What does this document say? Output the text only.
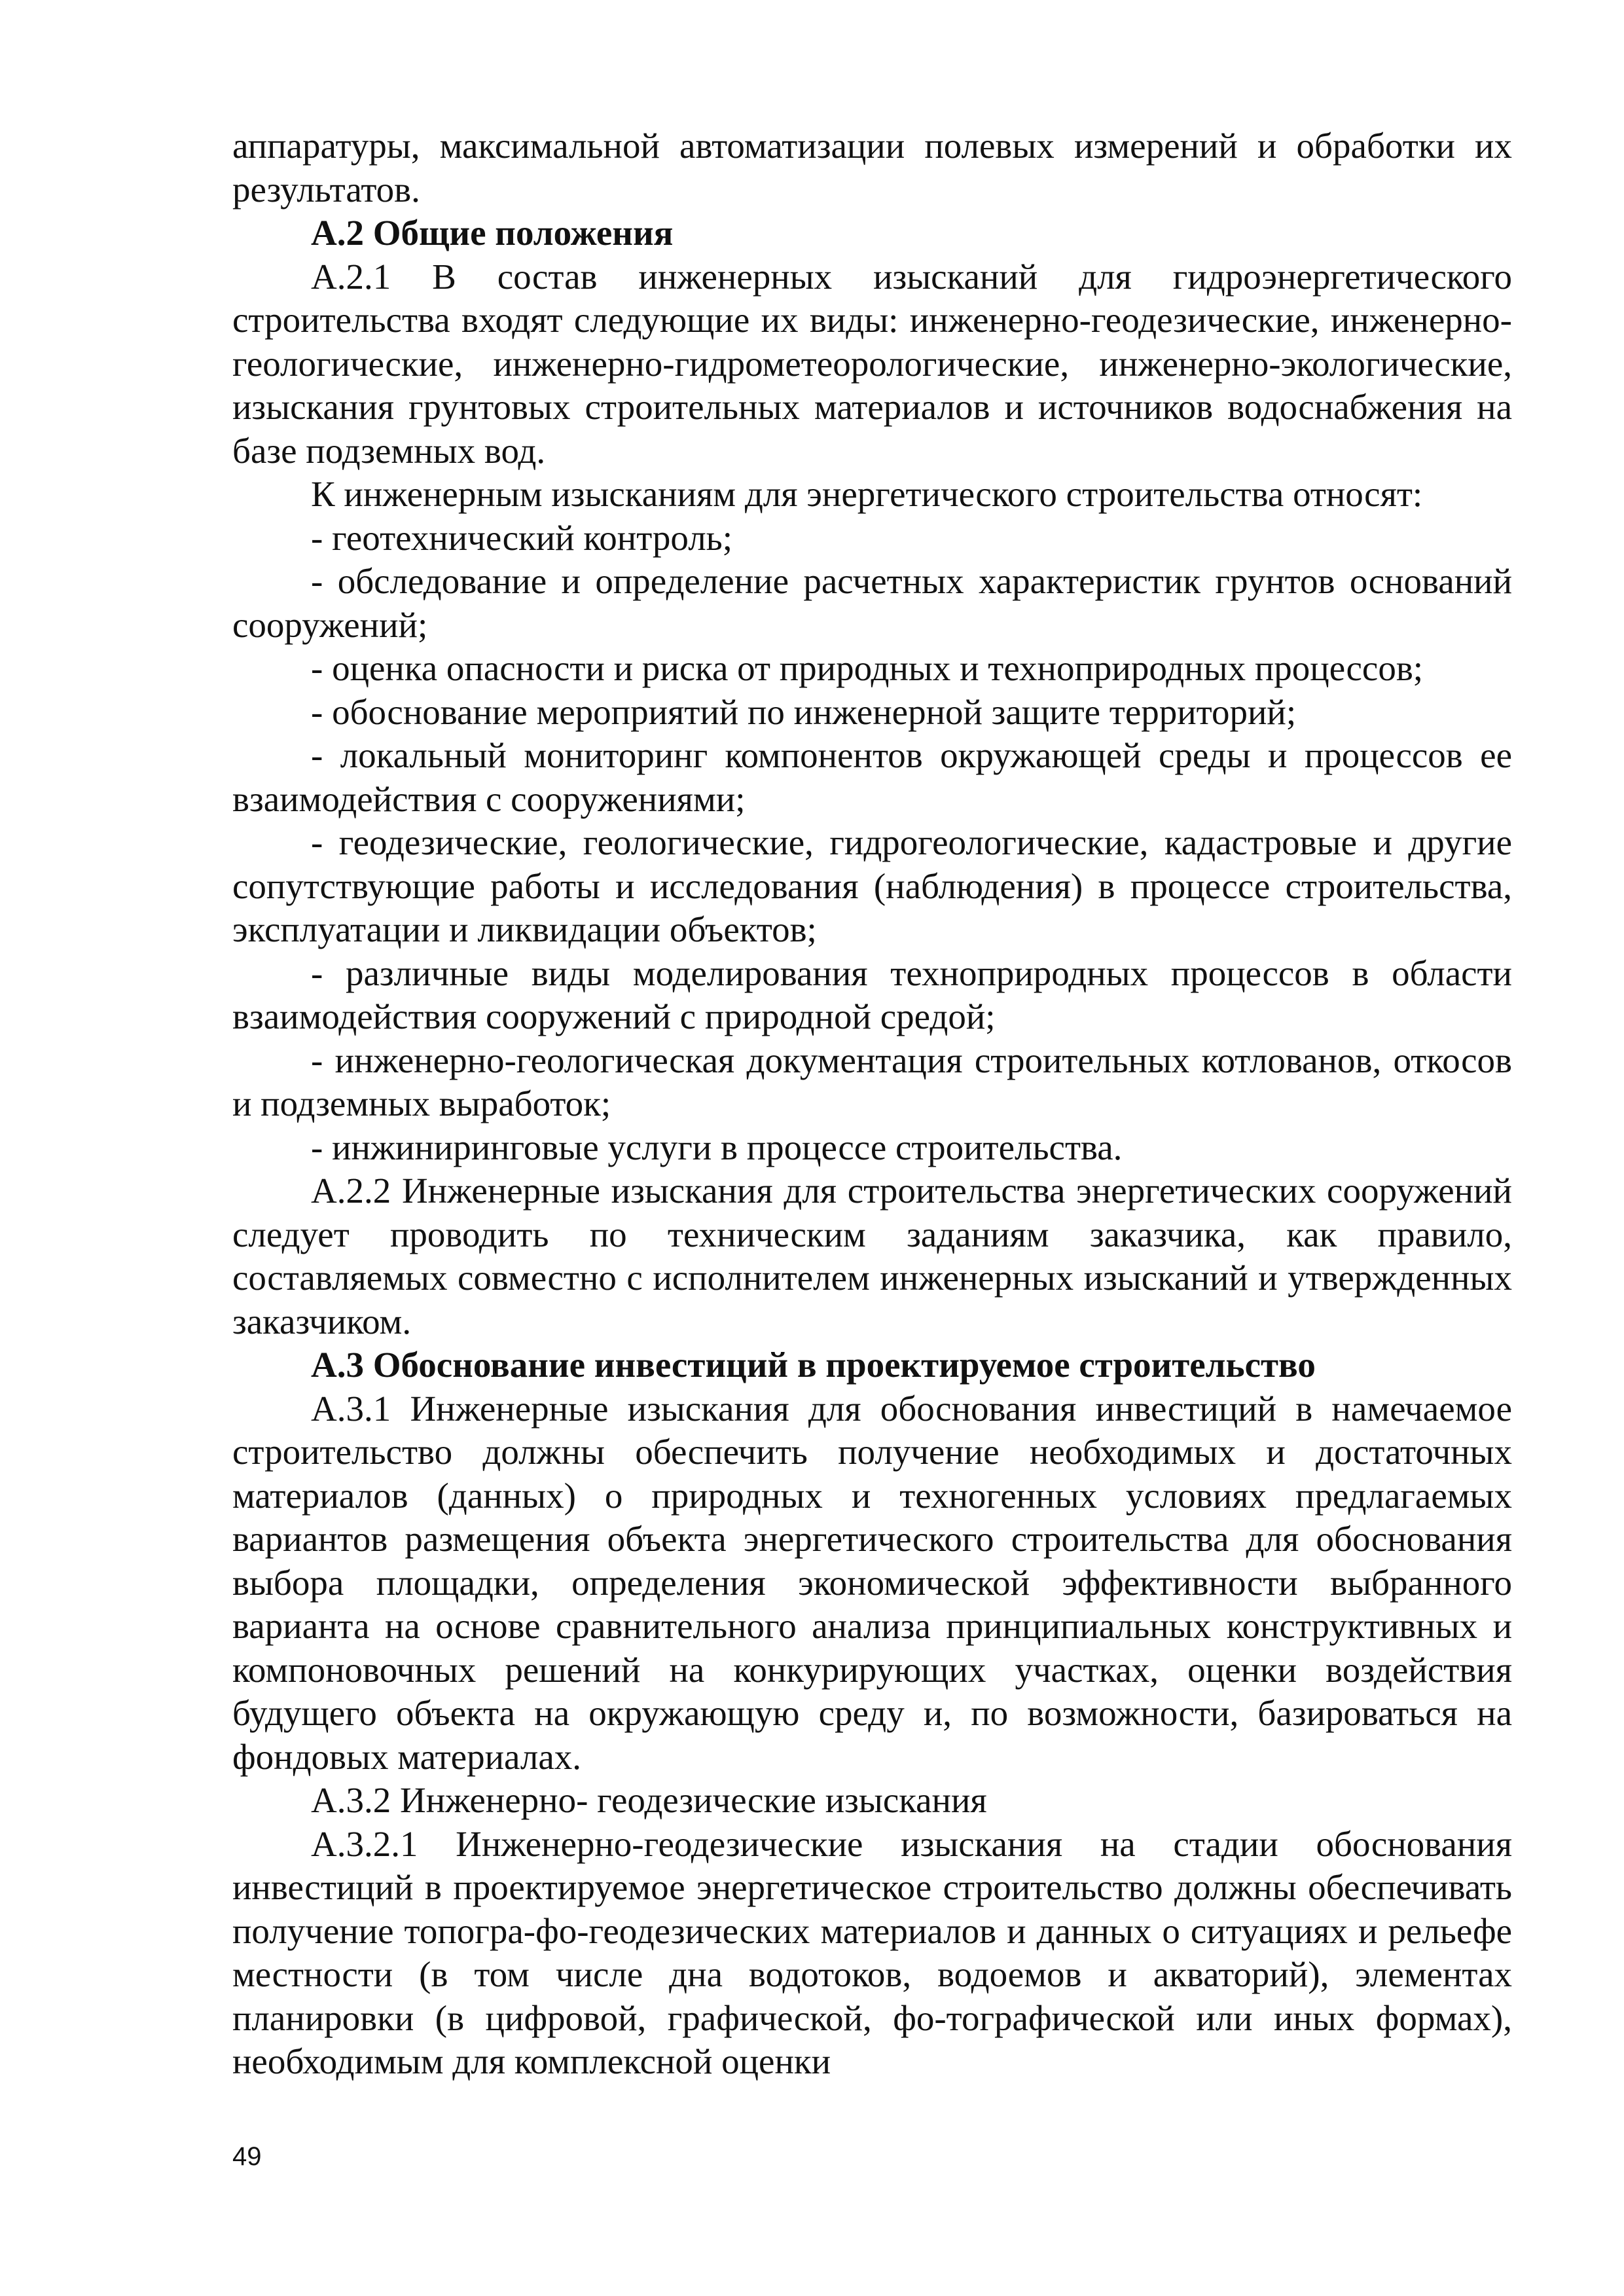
аппаратуры, максимальной автоматизации полевых измерений и обработки их результатов.

А.2 Общие положения

А.2.1 В состав инженерных изысканий для гидроэнергетического строительства входят следующие их виды: инженерно-геодезические, инженерно-геологические, инженерно-гидрометеорологические, инженерно-экологические, изыскания грунтовых строительных материалов и источников водоснабжения на базе подземных вод.

К инженерным изысканиям для энергетического строительства относят:

- геотехнический контроль;

- обследование и определение расчетных характеристик грунтов оснований сооружений;

- оценка опасности и риска от природных и технoприродных процессов;

- обоснование мероприятий по инженерной защите территорий;

- локальный мониторинг компонентов окружающей среды и процессов ее взаимодействия с сооружениями;

- геодезические, геологические, гидрогеологические, кадастровые и другие сопутствующие работы и исследования (наблюдения) в процессе строительства, эксплуатации и ликвидации объектов;

- различные виды моделирования технoприродных процессов в области взаимодействия сооружений с природной средой;

- инженерно-геологическая документация строительных котлованов, откосов и подземных выработок;

- инжиниринговые услуги в процессе строительства.

А.2.2 Инженерные изыскания для строительства энергетических сооружений следует проводить по техническим заданиям заказчика, как правило, составляемых совместно с исполнителем инженерных изысканий и утвержденных заказчиком.

А.3 Обоснование инвестиций в проектируемое строительство

А.3.1 Инженерные изыскания для обоснования инвестиций в намечаемое строительство должны обеспечить получение необходимых и достаточных материалов (данных) о природных и техногенных условиях предлагаемых вариантов размещения объекта энергетического строительства для обоснования выбора площадки, определения экономической эффективности выбранного варианта на основе сравнительного анализа принципиальных конструктивных и компоновочных решений на конкурирующих участках, оценки воздействия будущего объекта на окружающую среду и, по возможности, базироваться на фондовых материалах.

А.3.2 Инженерно- геодезические изыскания

А.3.2.1 Инженерно-геодезические изыскания на стадии обоснования инвестиций в проектируемое энергетическое строительство должны обеспечивать получение топогра-фо-геодезических материалов и данных о ситуациях и рельефе местности (в том числе дна водотоков, водоемов и акваторий), элементах планировки (в цифровой, графической, фо-тографической или иных формах), необходимым для комплексной оценки

49
